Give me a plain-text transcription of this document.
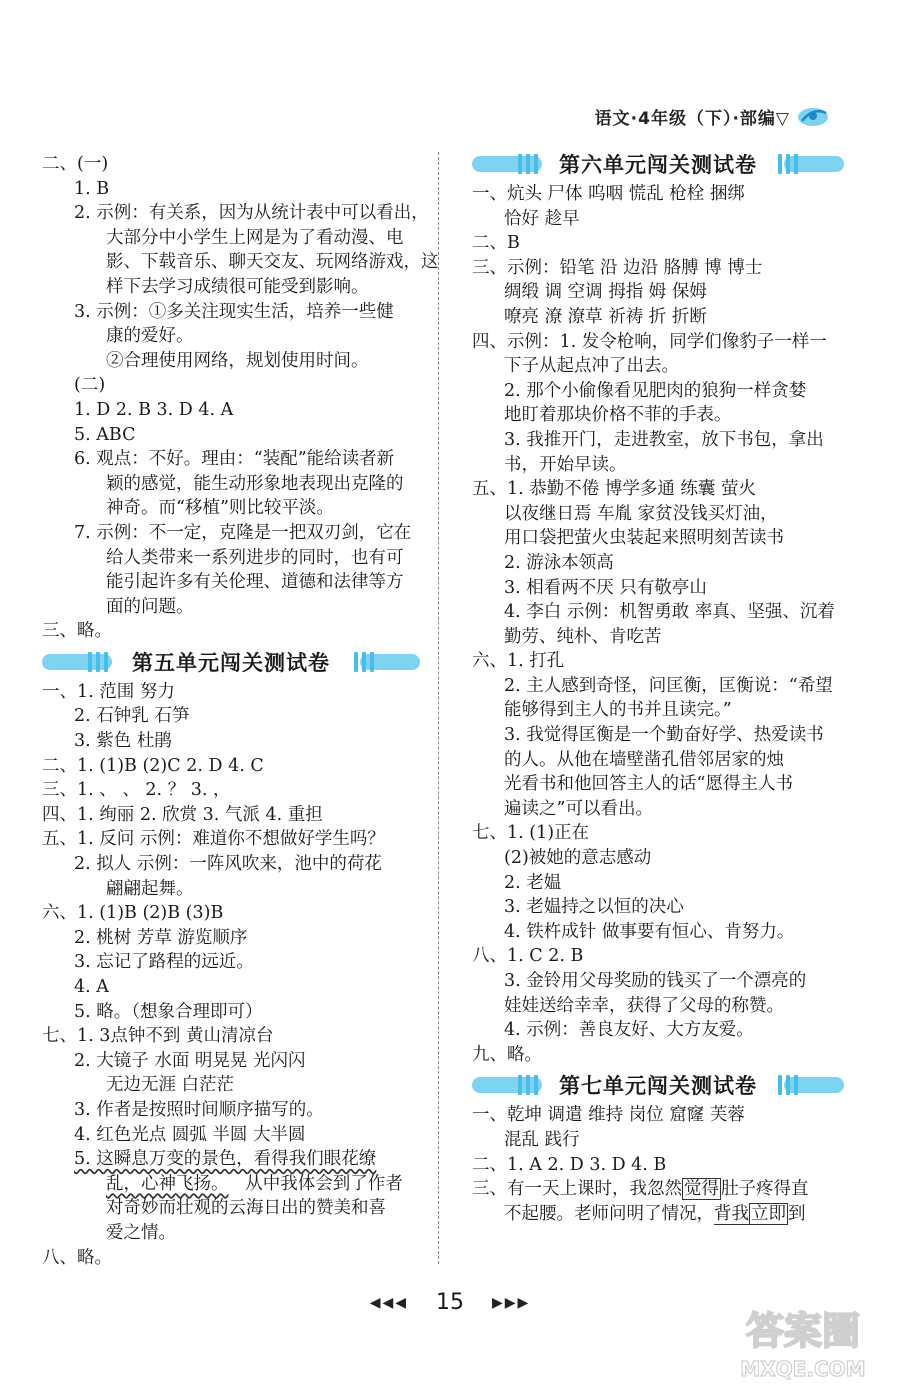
语文·4年级（下）·部编▽
二、(一)
1. B
2. 示例：有关系，因为从统计表中可以看出，
大部分中小学生上网是为了看动漫、电
影、下载音乐、聊天交友、玩网络游戏，这
样下去学习成绩很可能受到影响。
3. 示例：①多关注现实生活，培养一些健
康的爱好。
②合理使用网络，规划使用时间。
(二)
1. D 2. B 3. D 4. A
5. ABC
6. 观点：不好。理由：“装配”能给读者新
颖的感觉，能生动形象地表现出克隆的
神奇。而“移植”则比较平淡。
7. 示例：不一定，克隆是一把双刃剑，它在
给人类带来一系列进步的同时，也有可
能引起许多有关伦理、道德和法律等方
面的问题。
三、略。
第五单元闯关测试卷
一、1. 范围 努力
2. 石钟乳 石笋
3. 紫色 杜鹃
二、1. (1)B (2)C 2. D 4. C
三、1. 、 、 2. ？ 3. ，
四、1. 绚丽 2. 欣赏 3. 气派 4. 重担
五、1. 反问 示例：难道你不想做好学生吗？
2. 拟人 示例：一阵风吹来，池中的荷花
翩翩起舞。
六、1. (1)B (2)B (3)B
2. 桃树 芳草 游览顺序
3. 忘记了路程的远近。
4. A
5. 略。（想象合理即可）
七、1. 3点钟不到 黄山清凉台
2. 大镜子 水面 明晃晃 光闪闪
无边无涯 白茫茫
3. 作者是按照时间顺序描写的。
4. 红色光点 圆弧 半圆 大半圆
5. 这瞬息万变的景色，看得我们眼花缭
乱，心神飞扬。 从中我体会到了作者
对奇妙而壮观的云海日出的赞美和喜
爱之情。
八、略。
第六单元闯关测试卷
一、炕头 尸体 呜咽 慌乱 枪栓 捆绑
恰好 趁早
二、B
三、示例：铅笔 沿 边沿 胳膊 博 博士
绸缎 调 空调 拇指 姆 保姆
嘹亮 潦 潦草 祈祷 折 折断
四、示例：1. 发令枪响，同学们像豹子一样一
下子从起点冲了出去。
2. 那个小偷像看见肥肉的狼狗一样贪婪
地盯着那块价格不菲的手表。
3. 我推开门，走进教室，放下书包，拿出
书，开始早读。
五、1. 恭勤不倦 博学多通 练囊 萤火
以夜继日焉 车胤 家贫没钱买灯油，
用口袋把萤火虫装起来照明刻苦读书
2. 游泳本领高
3. 相看两不厌 只有敬亭山
4. 李白 示例：机智勇敢 率真、坚强、沉着
勤劳、纯朴、肯吃苦
六、1. 打孔
2. 主人感到奇怪，问匡衡，匡衡说：“希望
能够得到主人的书并且读完。”
3. 我觉得匡衡是一个勤奋好学、热爱读书
的人。从他在墙壁凿孔借邻居家的烛
光看书和他回答主人的话“愿得主人书
遍读之”可以看出。
七、1. (1)正在
(2)被她的意志感动
2. 老媪
3. 老媪持之以恒的决心
4. 铁杵成针 做事要有恒心、肯努力。
八、1. C 2. B
3. 金铃用父母奖励的钱买了一个漂亮的
娃娃送给幸幸，获得了父母的称赞。
4. 示例：善良友好、大方友爱。
九、略。
第七单元闯关测试卷
一、乾坤 调遣 维持 岗位 窟窿 芙蓉
混乱 践行
二、1. A 2. D 3. D 4. B
三、有一天上课时，我忽然 觉得 肚子疼得直
不起腰。老师问明了情况，背我 立即 到
◀◀◀ 15 ▶▶▶
答案圈
MXQE.COM
